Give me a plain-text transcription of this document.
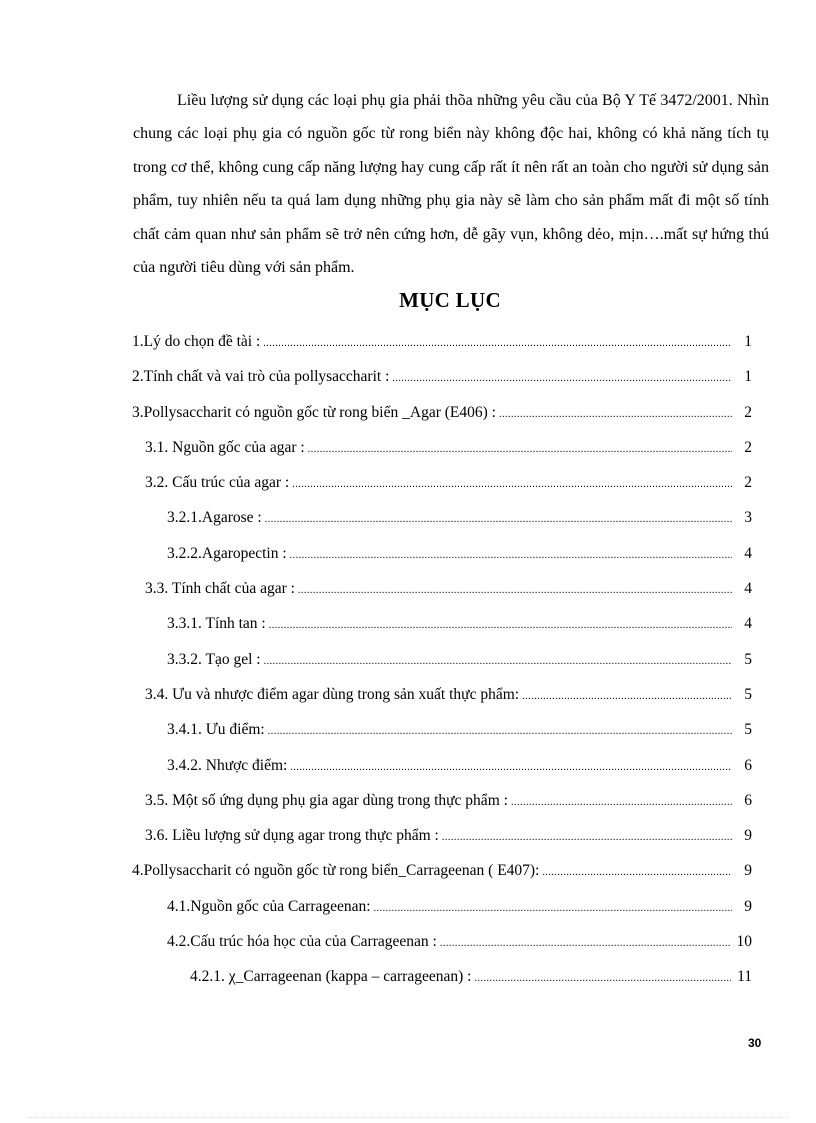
Liều lượng sử dụng các loại phụ gia phải thõa những yêu cầu của Bộ Y Tế 3472/2001. Nhìn chung các loại phụ gia có nguồn gốc từ rong biển này không độc hai, không có khả năng tích tụ trong cơ thể, không cung cấp năng lượng hay cung cấp rất ít nên rất an toàn cho người sử dụng sản phẩm, tuy nhiên nếu ta quá lam dụng những phụ gia này sẽ làm cho sản phẩm mất đi một số tính chất cảm quan như sản phẩm sẽ trở nên cứng hơn, dễ gãy vụn, không dẻo, mịn….mất sự hứng thú của người tiêu dùng với sản phẩm.

MỤC LỤC
1.Lý do chọn đề tài : .....	1
2.Tính chất và vai trò của pollysaccharit : .....	1
3.Pollysaccharit có nguồn gốc từ rong biển _Agar (E406) : .....	2
3.1. Nguồn gốc của agar : .....	2
3.2. Cấu trúc của agar : .....	2
3.2.1.Agarose : .....	3
3.2.2.Agaropectin : .....	4
3.3. Tính chất của agar : .....	4
3.3.1. Tính tan : .....	4
3.3.2. Tạo gel : .....	5
3.4. Ưu và nhược điểm agar dùng trong sản xuất thực phẩm: .....	5
3.4.1. Ưu điểm: .....	5
3.4.2. Nhược điểm: .....	6
3.5. Một số ứng dụng phụ gia agar dùng trong thực phẩm : .....	6
3.6. Liều lượng sử dụng agar trong thực phẩm : .....	9
4.Pollysaccharit có nguồn gốc từ rong biển_Carrageenan ( E407): .....	9
4.1.Nguồn gốc của Carrageenan: .....	9
4.2.Cấu trúc hóa học của của Carrageenan : .....	10
4.2.1. χ_Carrageenan (kappa – carrageenan) : .....	11
30
